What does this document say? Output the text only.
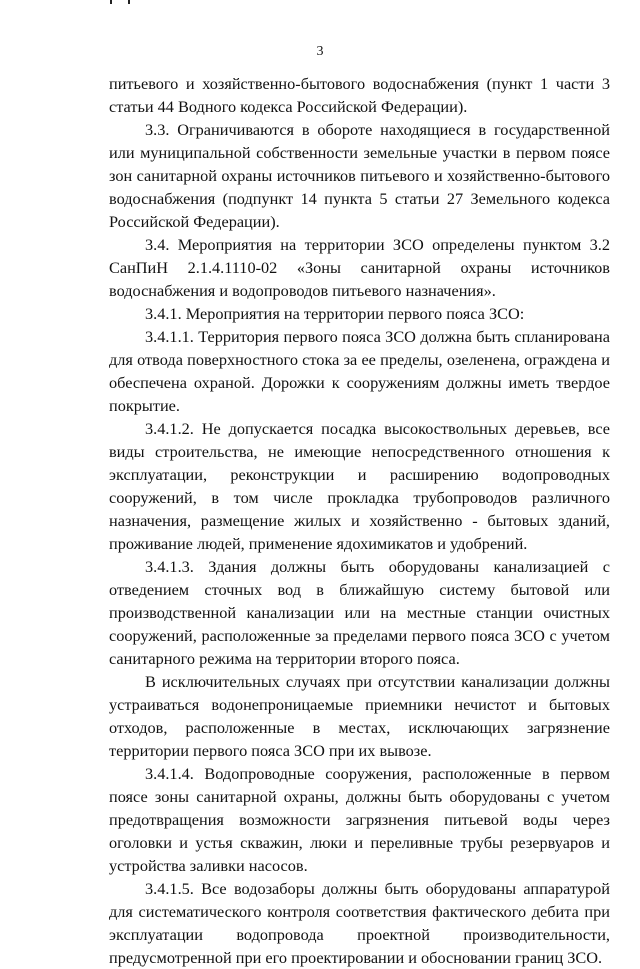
3

питьевого и хозяйственно-бытового водоснабжения (пункт 1 части 3 статьи 44 Водного кодекса Российской Федерации).

3.3. Ограничиваются в обороте находящиеся в государственной или муниципальной собственности земельные участки в первом поясе зон санитарной охраны источников питьевого и хозяйственно-бытового водоснабжения (подпункт 14 пункта 5 статьи 27 Земельного кодекса Российской Федерации).

3.4. Мероприятия на территории ЗСО определены пунктом 3.2 СанПиН 2.1.4.1110-02 «Зоны санитарной охраны источников водоснабжения и водопроводов питьевого назначения».

3.4.1. Мероприятия на территории первого пояса ЗСО:

3.4.1.1. Территория первого пояса ЗСО должна быть спланирована для отвода поверхностного стока за ее пределы, озеленена, ограждена и обеспечена охраной. Дорожки к сооружениям должны иметь твердое покрытие.

3.4.1.2. Не допускается посадка высокоствольных деревьев, все виды строительства, не имеющие непосредственного отношения к эксплуатации, реконструкции и расширению водопроводных сооружений, в том числе прокладка трубопроводов различного назначения, размещение жилых и хозяйственно - бытовых зданий, проживание людей, применение ядохимикатов и удобрений.

3.4.1.3. Здания должны быть оборудованы канализацией с отведением сточных вод в ближайшую систему бытовой или производственной канализации или на местные станции очистных сооружений, расположенные за пределами первого пояса ЗСО с учетом санитарного режима на территории второго пояса.

В исключительных случаях при отсутствии канализации должны устраиваться водонепроницаемые приемники нечистот и бытовых отходов, расположенные в местах, исключающих загрязнение территории первого пояса ЗСО при их вывозе.

3.4.1.4. Водопроводные сооружения, расположенные в первом поясе зоны санитарной охраны, должны быть оборудованы с учетом предотвращения возможности загрязнения питьевой воды через оголовки и устья скважин, люки и переливные трубы резервуаров и устройства заливки насосов.

3.4.1.5. Все водозаборы должны быть оборудованы аппаратурой для систематического контроля соответствия фактического дебита при эксплуатации водопровода проектной производительности, предусмотренной при его проектировании и обосновании границ ЗСО.
